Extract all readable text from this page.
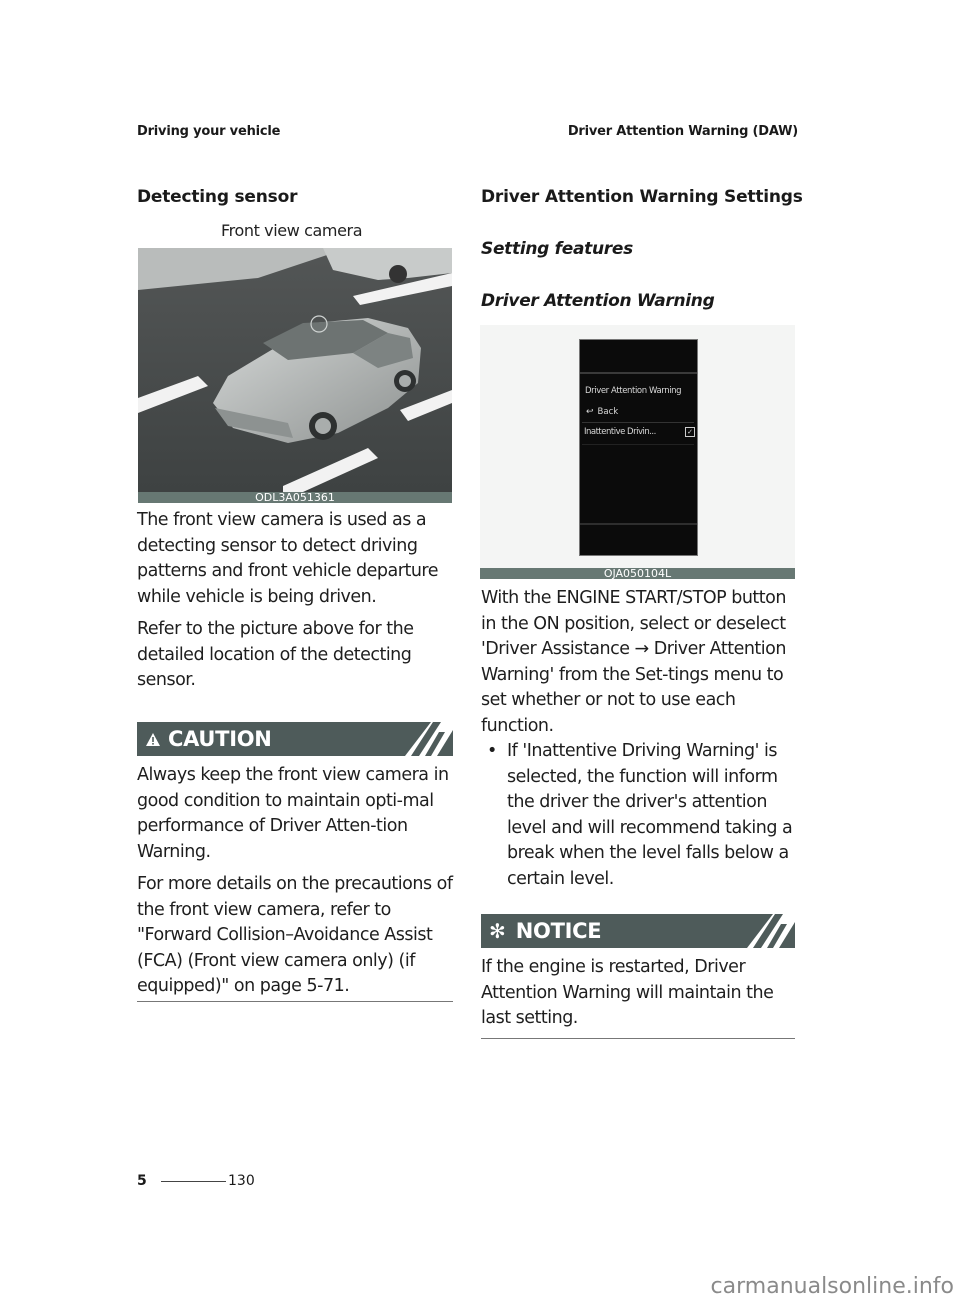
Driving your vehicle	Driver Attention Warning (DAW)
Detecting sensor
Front view camera
ODL3A051361

The front view camera is used as a detecting sensor to detect driving patterns and front vehicle departure while vehicle is being driven.

Refer to the picture above for the detailed location of the detecting sensor.

CAUTION

Always keep the front view camera in good condition to maintain opti-mal performance of Driver Atten-tion Warning.

For more details on the precautions of the front view camera, refer to "Forward Collision–Avoidance Assist (FCA) (Front view camera only) (if equipped)" on page 5-71.

Driver Attention Warning Settings
Setting features
Driver Attention Warning
Driver Attention Warning
↩ Back
Inattentive Drivin...	✓
OJA050104L

With the ENGINE START/STOP button in the ON position, select or deselect 'Driver Assistance → Driver Attention Warning' from the Set-tings menu to set whether or not to use each function.

• If 'Inattentive Driving Warning' is selected, the function will inform the driver the driver's attention level and will recommend taking a break when the level falls below a certain level.
✻ NOTICE

If the engine is restarted, Driver Attention Warning will maintain the last setting.

5	130
carmanualsonline.info
